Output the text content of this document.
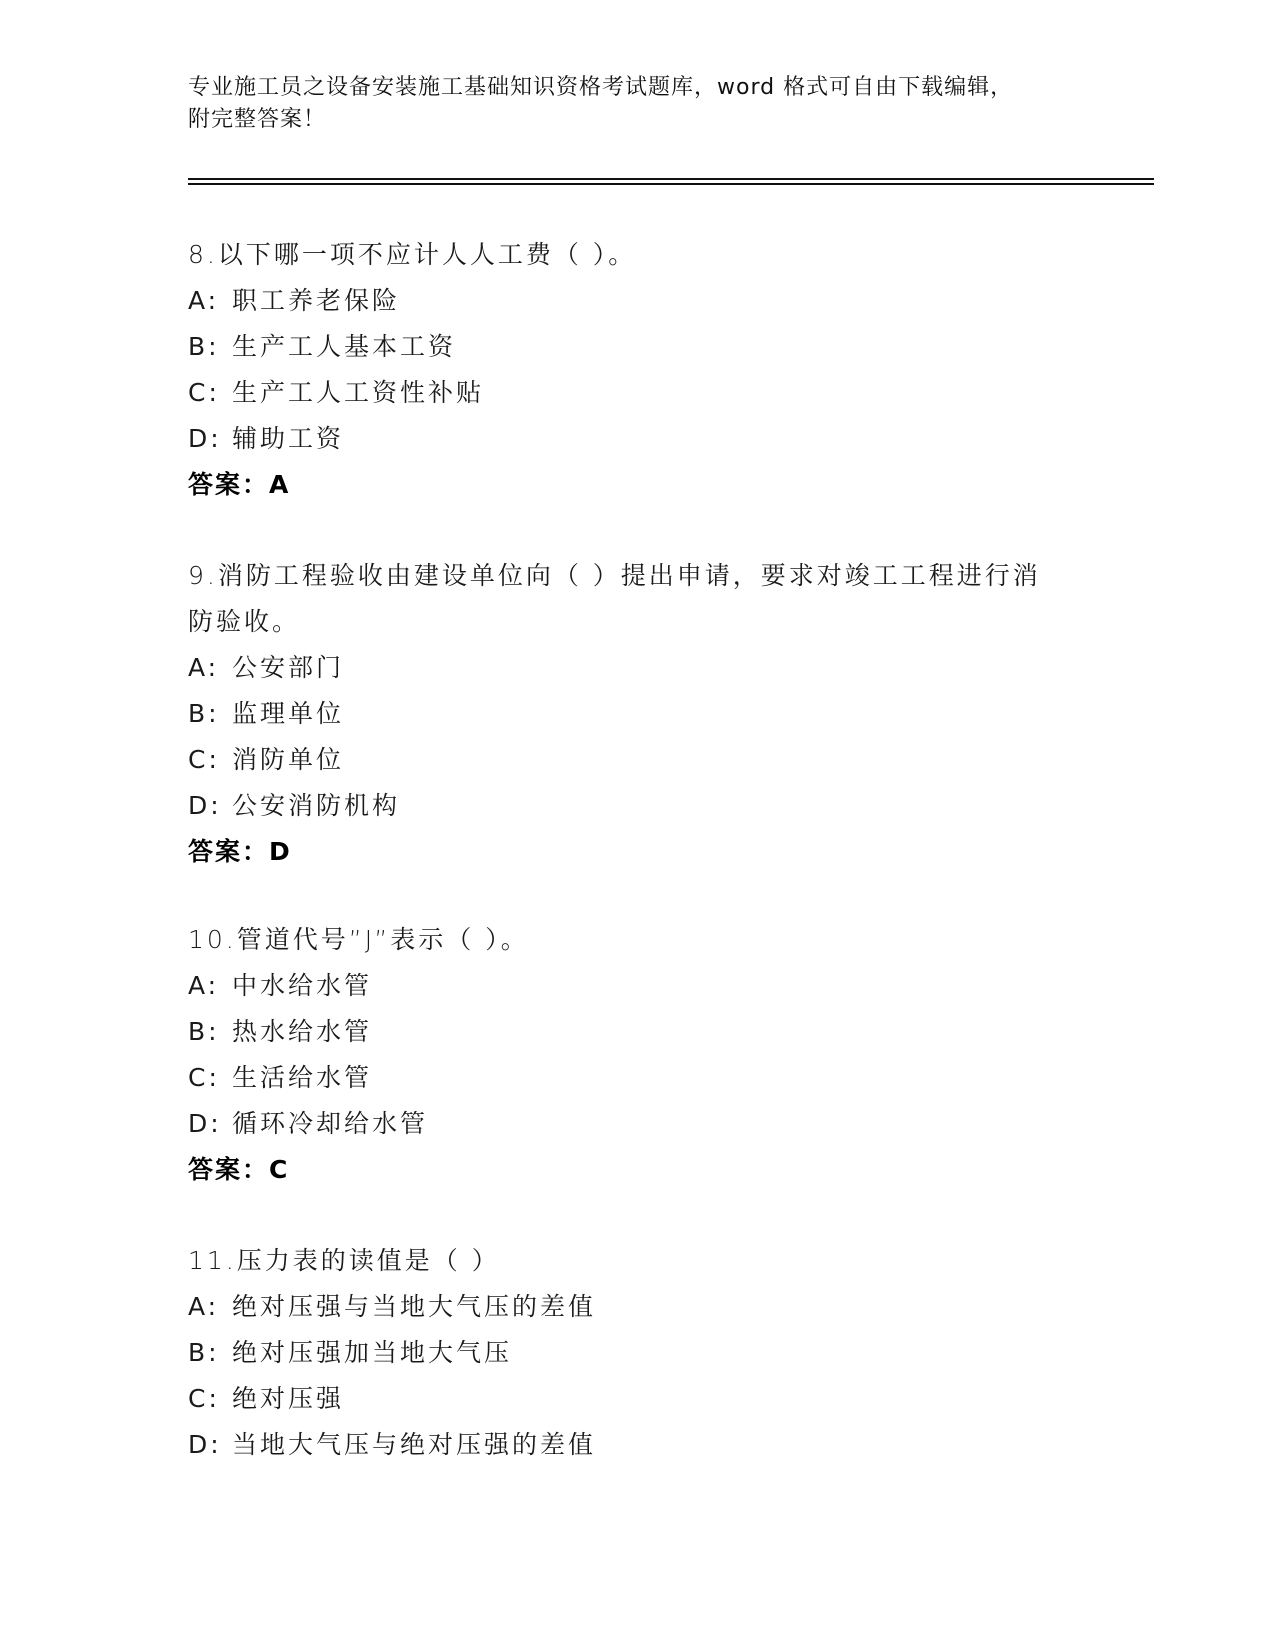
专业施工员之设备安装施工基础知识资格考试题库，word 格式可自由下载编辑，
附完整答案！
8.以下哪一项不应计人人工费（ ）。
A: 职工养老保险
B: 生产工人基本工资
C: 生产工人工资性补贴
D: 辅助工资
答案：A
9.消防工程验收由建设单位向（ ）提出申请，要求对竣工工程进行消
防验收。
A: 公安部门
B: 监理单位
C: 消防单位
D: 公安消防机构
答案：D
10.管道代号”J”表示（ ）。
A: 中水给水管
B: 热水给水管
C: 生活给水管
D: 循环冷却给水管
答案：C
11.压力表的读值是（ ）
A: 绝对压强与当地大气压的差值
B: 绝对压强加当地大气压
C: 绝对压强
D: 当地大气压与绝对压强的差值
